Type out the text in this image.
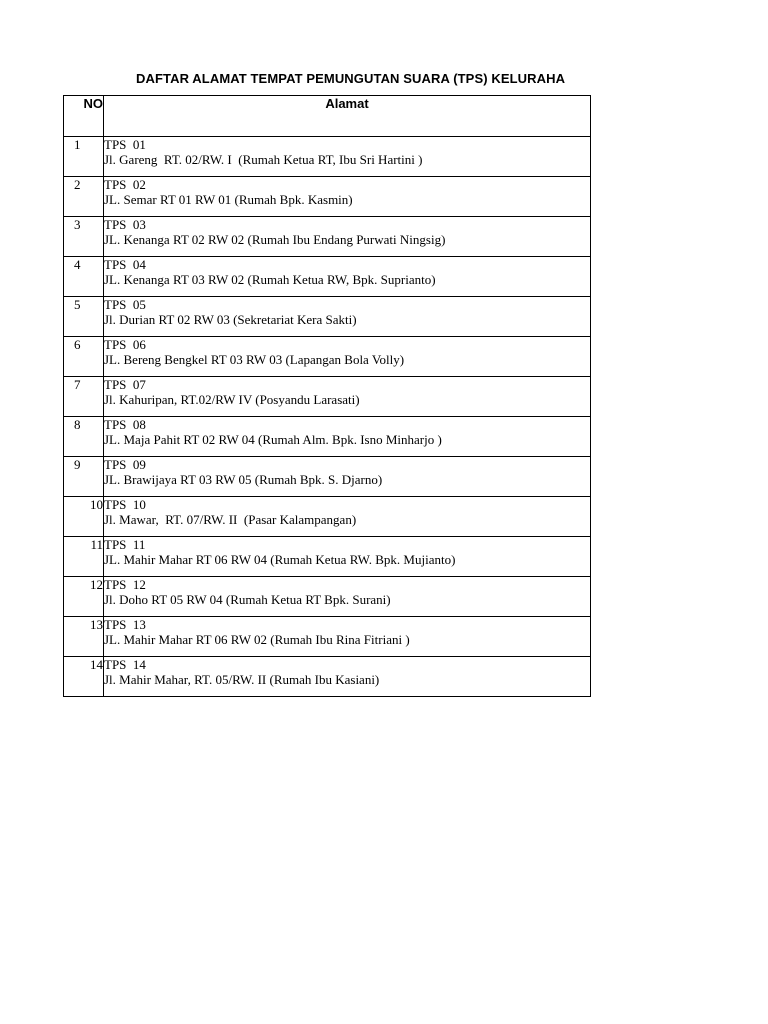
DAFTAR ALAMAT TEMPAT PEMUNGUTAN SUARA (TPS) KELURAHA
NO	Alamat

1	TPS  01
Jl. Gareng  RT. 02/RW. I  (Rumah Ketua RT, Ibu Sri Hartini )

2	TPS  02
JL. Semar RT 01 RW 01 (Rumah Bpk. Kasmin)

3	TPS  03
JL. Kenanga RT 02 RW 02 (Rumah Ibu Endang Purwati Ningsig)

4	TPS  04
JL. Kenanga RT 03 RW 02 (Rumah Ketua RW, Bpk. Suprianto)

5	TPS  05
Jl. Durian RT 02 RW 03 (Sekretariat Kera Sakti)

6	TPS  06
JL. Bereng Bengkel RT 03 RW 03 (Lapangan Bola Volly)

7	TPS  07
Jl. Kahuripan, RT.02/RW IV (Posyandu Larasati)

8	TPS  08
JL. Maja Pahit RT 02 RW 04 (Rumah Alm. Bpk. Isno Minharjo )

9	TPS  09
JL. Brawijaya RT 03 RW 05 (Rumah Bpk. S. Djarno)

10	TPS  10
Jl. Mawar,  RT. 07/RW. II  (Pasar Kalampangan)

11	TPS  11
JL. Mahir Mahar RT 06 RW 04 (Rumah Ketua RW. Bpk. Mujianto)

12	TPS  12
Jl. Doho RT 05 RW 04 (Rumah Ketua RT Bpk. Surani)

13	TPS  13
JL. Mahir Mahar RT 06 RW 02 (Rumah Ibu Rina Fitriani )

14	TPS  14
Jl. Mahir Mahar, RT. 05/RW. II (Rumah Ibu Kasiani)
